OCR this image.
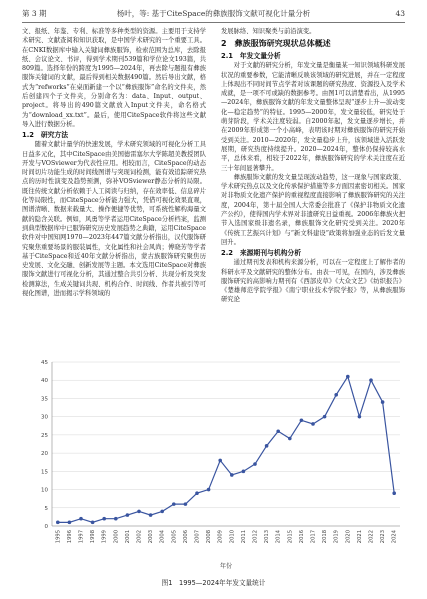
第 3 期	杨叶，等: 基于CiteSpace的彝族服饰文献可视化计量分析	43

文、报纸、年鉴、专利、标准等多种类型的资源。主要用于支持学术研究、文献查阅和知识获取，是中国学术研究的一个重要工具。在CNKI数据库中输入关键词彝族服饰，检索范围为总库，去除报纸、会议论文、书评，得到学术期刊539篇和学位论文193篇，共809篇。选择年份的跨度为1995—2024年，再去除与题报有彝族服饰关键词的文献，最后得到相关数据490篇。然后导出文献，格式为“refworks”在桌面新建一个以“彝族服饰”命名的文件夹，然后创建四个子文件夹，分别命名为：data、Input、output、project。将导出的490篇文献放入Input文件夹，命名格式为“download_xx.txt”。最后，使用CiteSpace软件将这些文献导入进行数据分析。

1.2　研究方法

随着文献计量学的快速发展，学术研究领域的可视化分析工具日益多元化，其中CiteSpace由美国德雷塞尔大学陈超美教授团队开发与VOSviewer为代表性应用。相较而言，CiteSpace的动态时间切片功能生成的时间线图谱与突现词检测，能有效追踪研究热点的历时性演变及趋势预测，弥补VOSviewer静态分析的局限。既往传统文献分析依赖于人工阅读与归纳，存在效率低、信息碎片化等局限性，而CiteSpace分析能力强大，凭借可视化效果直观，图谱清晰、数据来载量大、操作便捷等优势，可系统性解构海量文献的隐含关联。例如，风勇等学者运用CiteSpace分析档案，监测到典型数据库中已服饰研究历史发展趋势之典籍，运用CiteSpace软件对中国知网1970—2023年447篇文献分析指出，汉代服饰研究聚焦重要场景的服装属性，文化属性和社会风尚；傅晓芳等学者基于CiteSpace和近40年文献分析指出，蒙古族服饰研究聚焦历史发展、文化交融、创新发展等主题。本文选用CiteSpace对彝族服饰文献进行可视化分析，其通过整合共引分析、共现分析及突发检测算法，生成关键词共现、机构合作、时间线、作者共被引等可视化图谱，进而揭示学科领域的

发展脉络、知识聚类与前沿演变。

2　彝族服饰研究现状总体概述
2.1　年发文量分析

对于文献的研究分析，年发文量是衡量某一知识领域科研发展状况的重要参数，它能清晰反映该领域的研究进展，并在一定程度上体现出不同时间节点学者对该课题的研究热度、资源投入及学术成就，是一项不可或缺的数据参考。由图1可以清楚看出，从1995—2024年，彝族服饰文献的年发文量整体呈现“逐步上升—波动变化—稳定趋势”的特征。1995—2000年，发文量较低，研究处于萌芽阶段，学术关注度较弱。自2000年起，发文量逐步增长，并在2009年形成第一个小高峰，表明该时期对彝族服饰的研究开始受到关注。2010—2020年，发文量稳步上升，该领域进入活跃发展期，研究热度持续提升。2020—2024年，整体仍保持较高水平，总体来看，相较于2022年，彝族服饰研究的学术关注度在近三十年间显著攀升。

彝族服饰文献的发文量呈现波动趋势，这一现象与国家政策、学术研究热点以及文化传承保护措施等多方面因素密切相关。国家对非物质文化遗产保护的重视程度直接影响了彝族服饰研究的关注度，2004年，第十届全国人大常委会批准了《保护非物质文化遗产公约》，使得国内学术界对非遗研究日益重视。2006年彝族火把节入选国家级非遗名录，彝族服饰文化研究受到关注。2020年《传统工艺振兴计划》与“新文科建设”政策将加强业态的后发文量回升。

2.2　来源期刊与机构分析

通过期刊发表和机构来源分析，可以在一定程度上了解作者的科研水平及文献研究的整体分布。由表一可见，在国内，涉及彝族服饰研究的高影响力期刊有《西部皮草》《大众文艺》《纺织报告》《楚雄师范学院学报》《南宁职业技术学院学报》等，从彝族服饰研究论

0
5
10
15
20
25
30
35
40
45
1995 1996 1997 1998 1999 2000 2001 2002 2003 2004 2005 2006 2007 2008 2009 2010 2011 2012 2013 2014 2015 2016 2017 2018 2019 2020 2021 2022 2023 2024
年份
图1　1995—2024年年发文量统计
